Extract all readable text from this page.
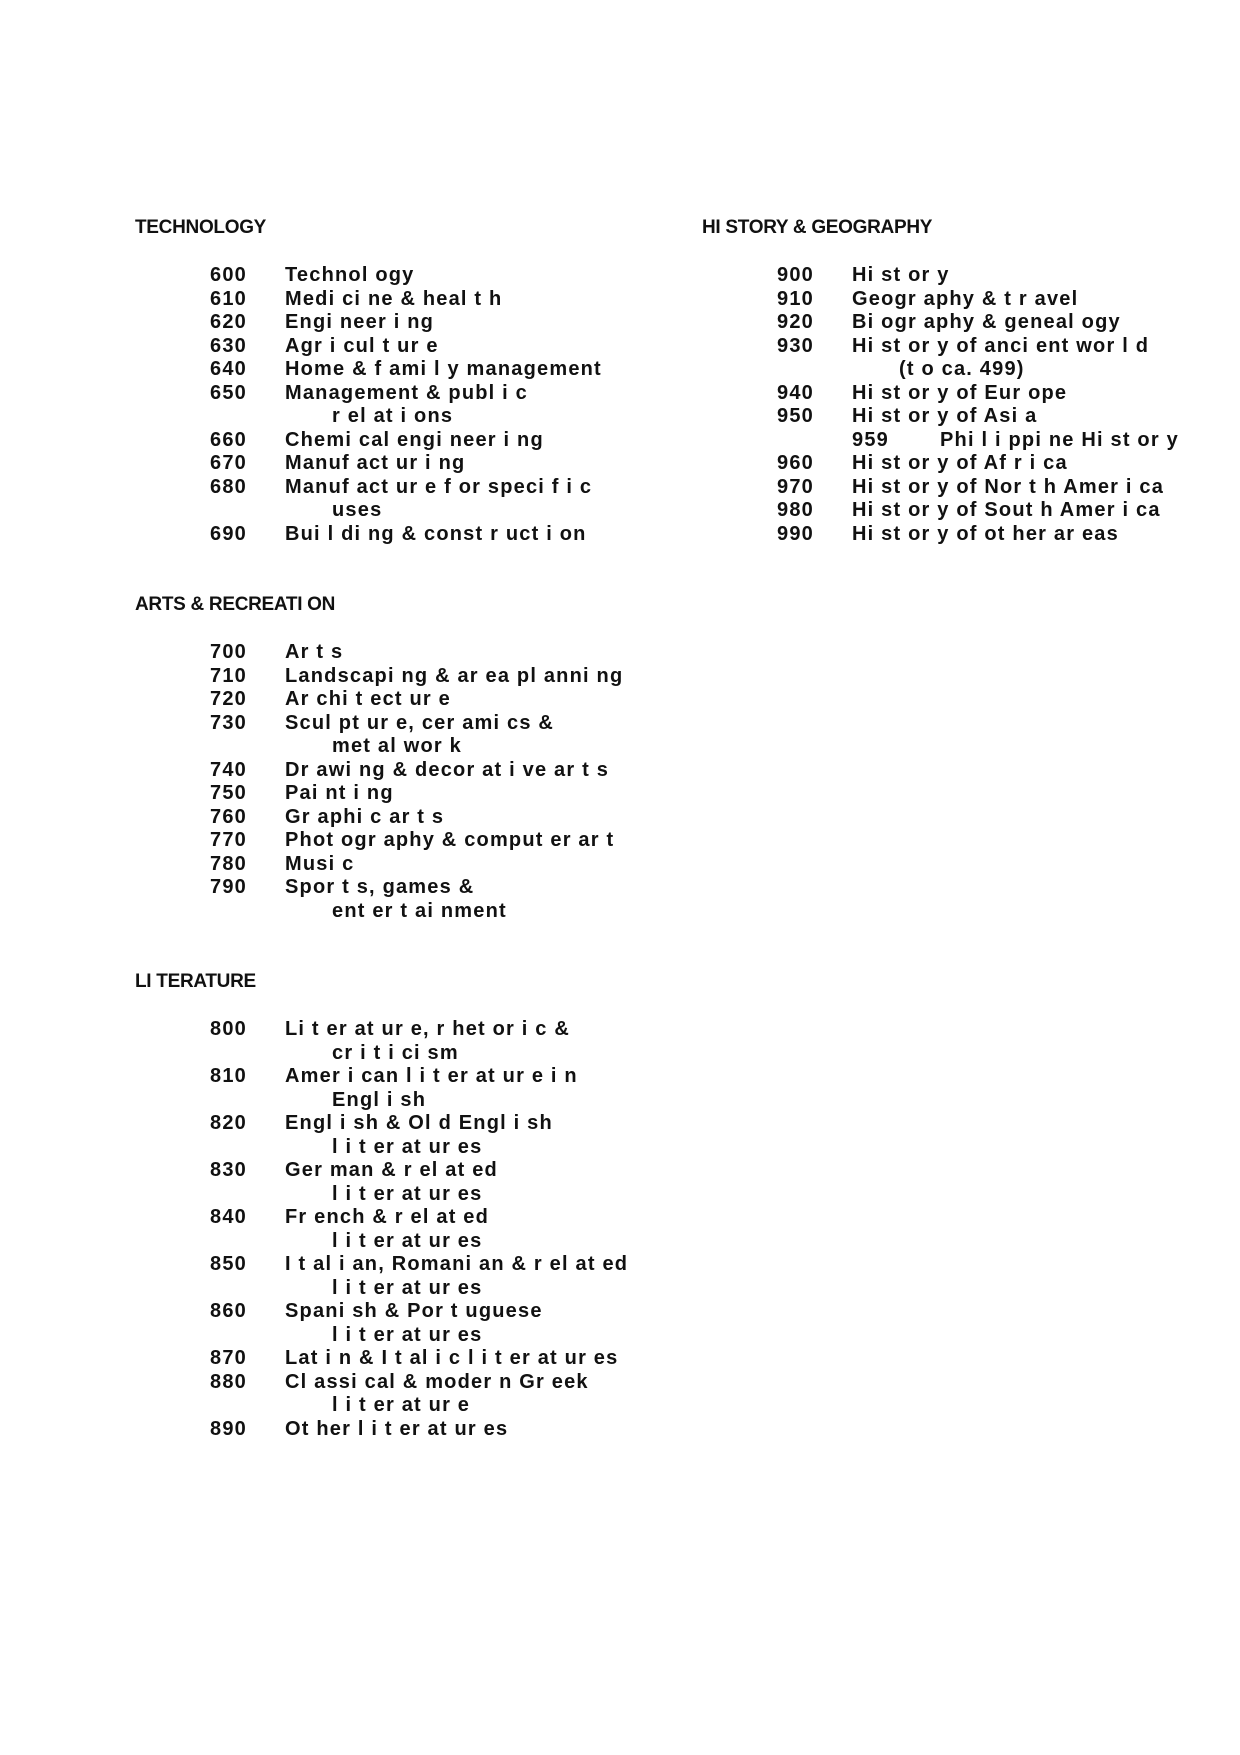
TECHNOLOGY	HI STORY & GEOGRAPHY
ARTS & RECREATI ON
LI TERATURE
600 Technol ogy
610 Medi ci ne & heal t h
620 Engi neer i ng
630 Agr i cul t ur e
640 Home & f ami l y management
650 Management & publ i c
r el at i ons
660 Chemi cal engi neer i ng
670 Manuf act ur i ng
680 Manuf act ur e f or speci f i c
uses
690 Bui l di ng & const r uct i on
900 Hi st or y
910 Geogr aphy & t r avel
920 Bi ogr aphy & geneal ogy
930 Hi st or y of anci ent wor l d
(t o ca. 499)
940 Hi st or y of Eur ope
950 Hi st or y of Asi a
959	Phi l i ppi ne Hi st or y
960 Hi st or y of Af r i ca
970 Hi st or y of Nor t h Amer i ca
980 Hi st or y of Sout h Amer i ca
990 Hi st or y of ot her ar eas
700 Ar t s
710 Landscapi ng & ar ea pl anni ng
720 Ar chi t ect ur e
730 Scul pt ur e, cer ami cs &
met al wor k
740 Dr awi ng & decor at i ve ar t s
750 Pai nt i ng
760 Gr aphi c ar t s
770 Phot ogr aphy & comput er ar t
780 Musi c
790 Spor t s, games &
ent er t ai nment
800 Li t er at ur e, r het or i c &
cr i t i ci sm
810 Amer i can l i t er at ur e i n
Engl i sh
820 Engl i sh & Ol d Engl i sh
l i t er at ur es
830 Ger man & r el at ed
l i t er at ur es
840 Fr ench & r el at ed
l i t er at ur es
850 I t al i an, Romani an & r el at ed
l i t er at ur es
860 Spani sh & Por t uguese
l i t er at ur es
870 Lat i n & I t al i c l i t er at ur es
880 Cl assi cal & moder n Gr eek
l i t er at ur e
890 Ot her l i t er at ur es
